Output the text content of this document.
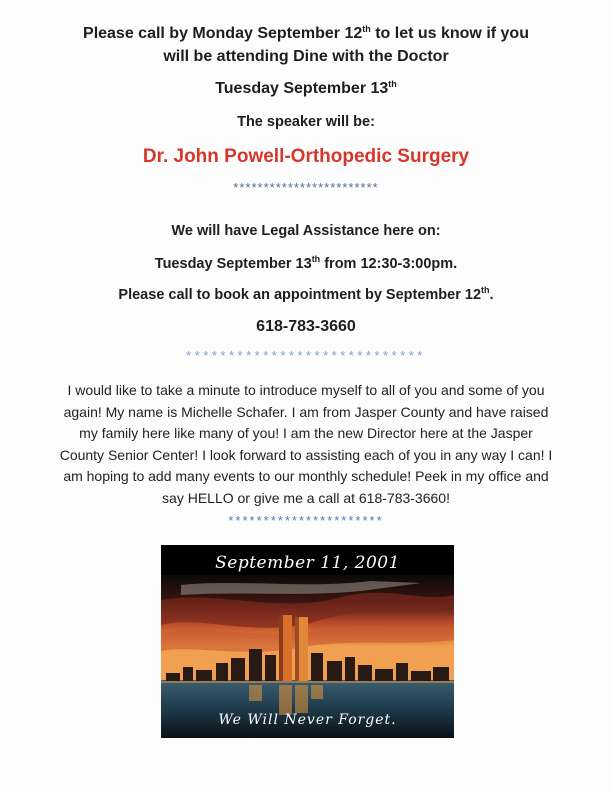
Please call by Monday September 12th to let us know if you
will be attending Dine with the Doctor
Tuesday September 13th
The speaker will be:
Dr. John Powell-Orthopedic Surgery
************************
We will have Legal Assistance here on:
Tuesday September 13th from 12:30-3:00pm.
Please call to book an appointment by September 12th.
618-783-3660
****************************
I would like to take a minute to introduce myself to all of you and some of you
again! My name is Michelle Schafer. I am from Jasper County and have raised
my family here like many of you! I am the new Director here at the Jasper
County Senior Center! I look forward to assisting each of you in any way I can! I
am hoping to add many events to our monthly schedule! Peek in my office and
say HELLO or give me a call at 618-783-3660!
**********************
September 11, 2001
We Will Never Forget.
